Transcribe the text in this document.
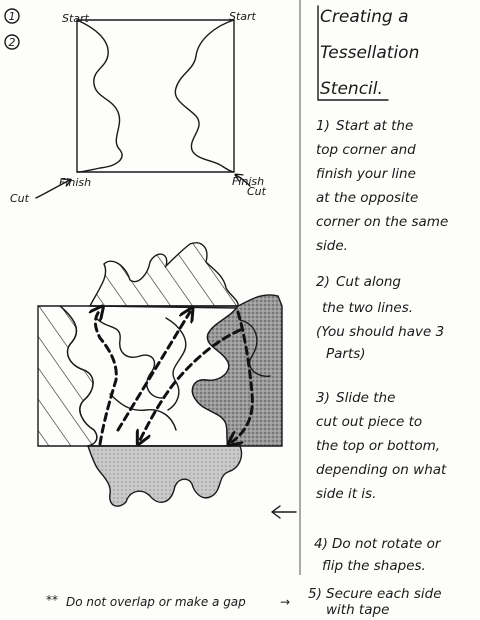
1
2
Start	Start
Finish	Finish
Cut
Cut
Creating a
Tessellation
Stencil.
1) Start at the
top corner and
finish your line
at the opposite
corner on the same
side.
2) Cut along
the two lines.
(You should have 3
Parts)
3) Slide the
cut out piece to
the top or bottom,
depending on what
side it is.
4) Do not rotate or
flip the shapes.
5) Secure each side
with tape
** Do not overlap or make a gap	→
